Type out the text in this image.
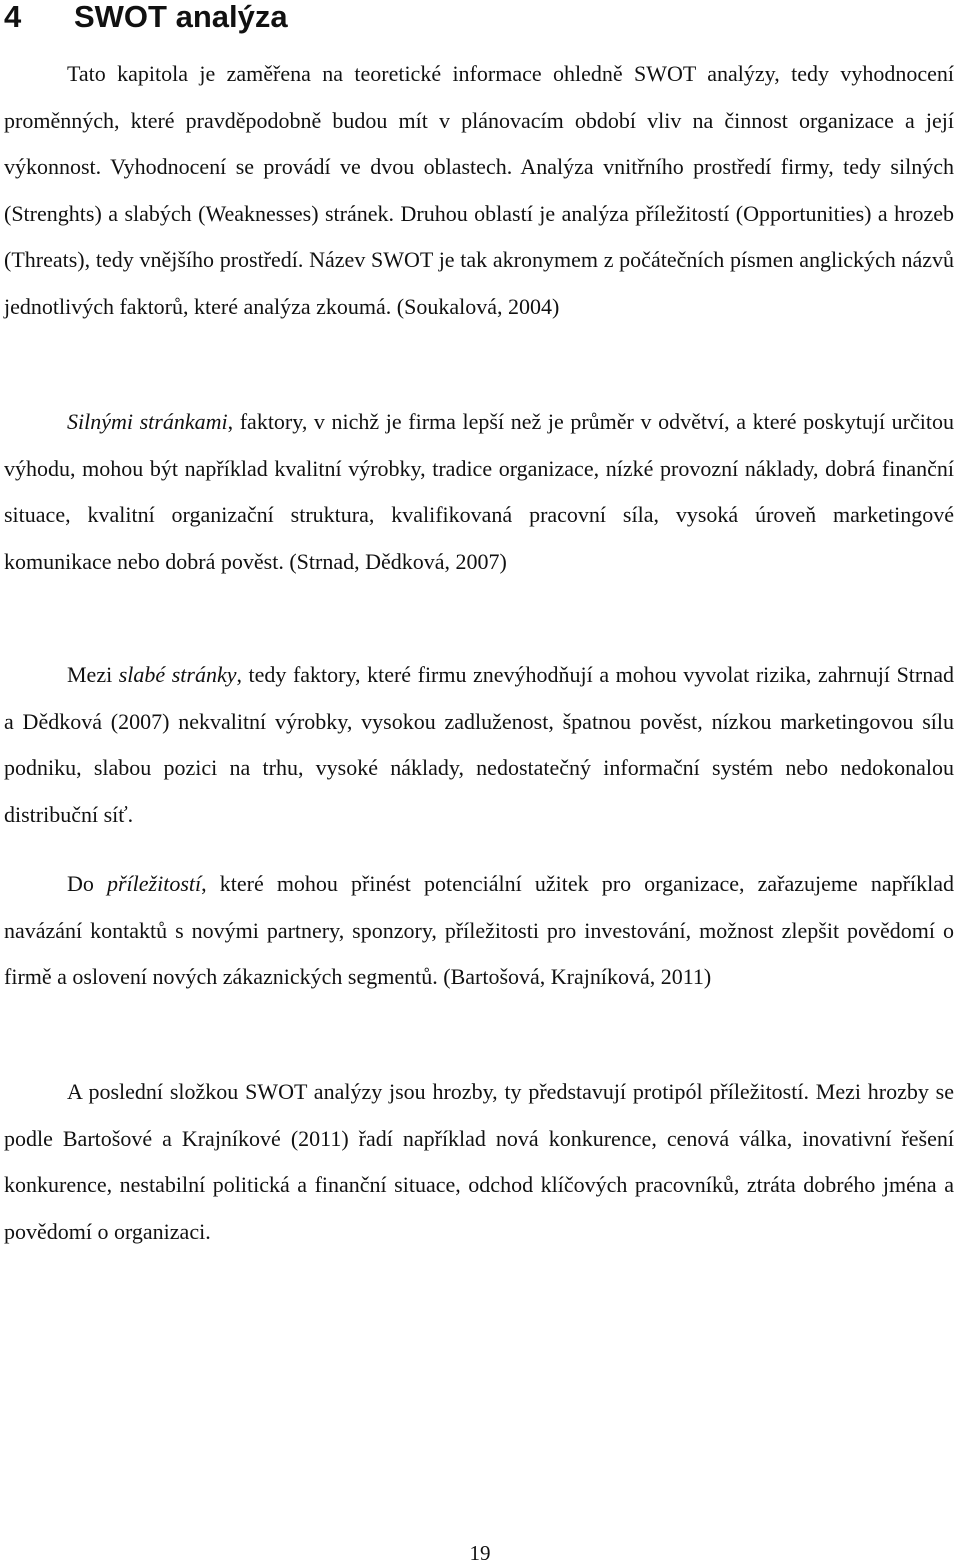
4 SWOT analýza

Tato kapitola je zaměřena na teoretické informace ohledně SWOT analýzy, tedy vyhodnocení proměnných, které pravděpodobně budou mít v plánovacím období vliv na činnost organizace a její výkonnost. Vyhodnocení se provádí ve dvou oblastech. Analýza vnitřního prostředí firmy, tedy silných (Strenghts) a slabých (Weaknesses) stránek. Druhou oblastí je analýza příležitostí (Opportunities) a hrozeb (Threats), tedy vnějšího prostředí. Název SWOT je tak akronymem z počátečních písmen anglických názvů jednotlivých faktorů, které analýza zkoumá. (Soukalová, 2004)

Silnými stránkami, faktory, v nichž je firma lepší než je průměr v odvětví, a které poskytují určitou výhodu, mohou být například kvalitní výrobky, tradice organizace, nízké provozní náklady, dobrá finanční situace, kvalitní organizační struktura, kvalifikovaná pracovní síla, vysoká úroveň marketingové komunikace nebo dobrá pověst. (Strnad, Dědková, 2007)

Mezi slabé stránky, tedy faktory, které firmu znevýhodňují a mohou vyvolat rizika, zahrnují Strnad a Dědková (2007) nekvalitní výrobky, vysokou zadluženost, špatnou pověst, nízkou marketingovou sílu podniku, slabou pozici na trhu, vysoké náklady, nedostatečný informační systém nebo nedokonalou distribuční síť.

Do příležitostí, které mohou přinést potenciální užitek pro organizace, zařazujeme například navázání kontaktů s novými partnery, sponzory, příležitosti pro investování, možnost zlepšit povědomí o firmě a oslovení nových zákaznických segmentů. (Bartošová, Krajníková, 2011)

A poslední složkou SWOT analýzy jsou hrozby, ty představují protipól příležitostí. Mezi hrozby se podle Bartošové a Krajníkové (2011) řadí například nová konkurence, cenová válka, inovativní řešení konkurence, nestabilní politická a finanční situace, odchod klíčových pracovníků, ztráta dobrého jména a povědomí o organizaci.

19
